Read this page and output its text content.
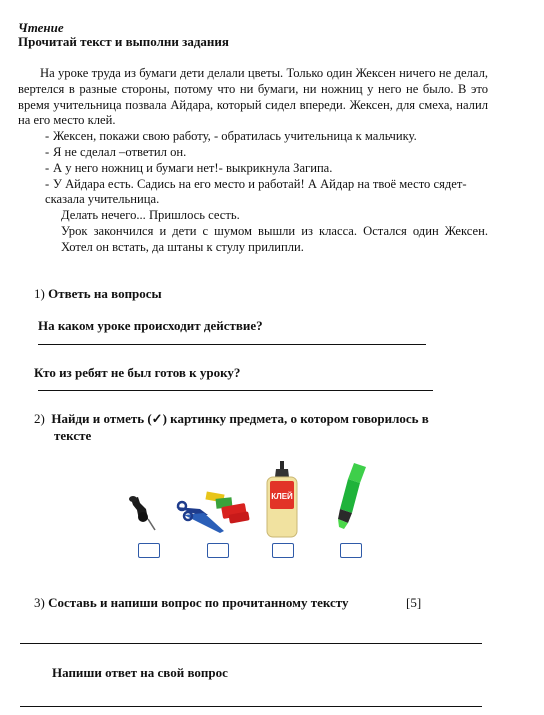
Чтение
Прочитай текст и выполни задания
На уроке труда из бумаги дети делали цветы. Только один Жексен ничего не делал, вертелся в разные стороны, потому что ни бумаги, ни ножниц у него не было. В это время учительница позвала Айдара, который сидел впереди. Жексен, для смеха, налил на его место клей.
- Жексен, покажи свою работу, - обратилась учительница к мальчику.
- Я не сделал –ответил он.
- А у него ножниц и бумаги нет!- выкрикнула Загипа.
- У Айдара есть. Садись на его место и работай! А Айдар на твоё место сядет-сказала учительница.
Делать нечего... Пришлось сесть.
Урок закончился и дети с шумом вышли из класса. Остался один Жексен. Хотел он встать, да штаны к стулу прилипли.
1) Ответь на вопросы
На каком уроке происходит действие?
Кто из ребят не был готов к уроку?
2) Найди и отметь (✓) картинку предмета, о котором говорилось в
тексте
КЛЕЙ
3) Составь и напиши вопрос по прочитанному тексту	[5]
Напиши ответ на свой вопрос
